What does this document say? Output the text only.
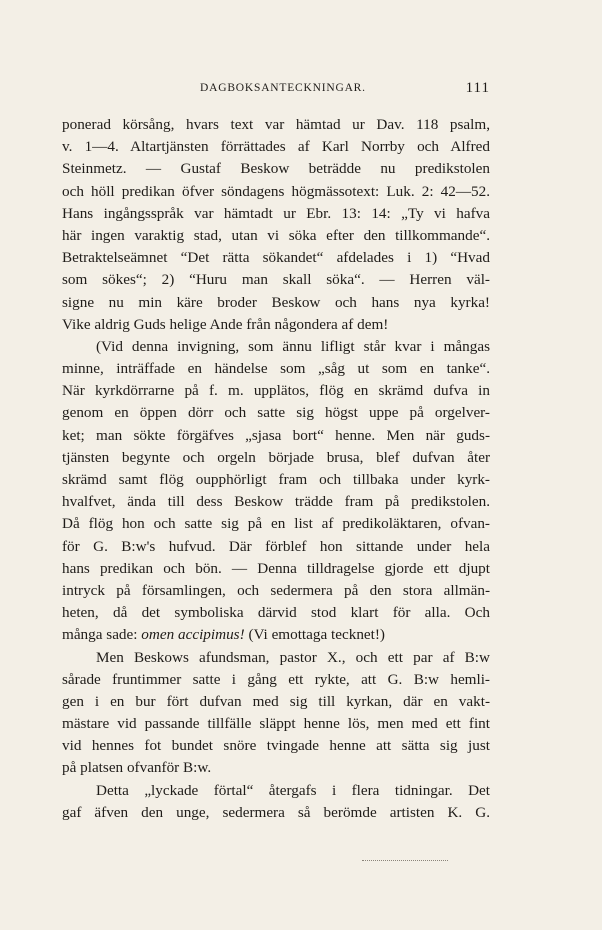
DAGBOKSANTECKNINGAR.	111
ponerad körsång, hvars text var hämtad ur Dav. 118 psalm,
v. 1—4. Altartjänsten förrättades af Karl Norrby och Alfred
Steinmetz. — Gustaf Beskow beträdde nu predikstolen
och höll predikan öfver söndagens högmässotext: Luk. 2: 42—52.
Hans ingångsspråk var hämtadt ur Ebr. 13: 14: „Ty vi hafva
här ingen varaktig stad, utan vi söka efter den tillkommande“.
Betraktelseämnet “Det rätta sökandet“ afdelades i 1) “Hvad
som sökes“; 2) “Huru man skall söka“. — Herren väl-
signe nu min käre broder Beskow och hans nya kyrka!
Vike aldrig Guds helige Ande från någondera af dem!
(Vid denna invigning, som ännu lifligt står kvar i mångas
minne, inträffade en händelse som „såg ut som en tanke“.
När kyrkdörrarne på f. m. upplätos, flög en skrämd dufva in
genom en öppen dörr och satte sig högst uppe på orgelver-
ket; man sökte förgäfves „sjasa bort“ henne. Men när guds-
tjänsten begynte och orgeln började brusa, blef dufvan åter
skrämd samt flög oupphörligt fram och tillbaka under kyrk-
hvalfvet, ända till dess Beskow trädde fram på predikstolen.
Då flög hon och satte sig på en list af predikoläktaren, ofvan-
för G. B:w's hufvud. Där förblef hon sittande under hela
hans predikan och bön. — Denna tilldragelse gjorde ett djupt
intryck på församlingen, och sedermera på den stora allmän-
heten, då det symboliska därvid stod klart för alla. Och
många sade: omen accipimus! (Vi emottaga tecknet!)
Men Beskows afundsman, pastor X., och ett par af B:w
sårade fruntimmer satte i gång ett rykte, att G. B:w hemli-
gen i en bur fört dufvan med sig till kyrkan, där en vakt-
mästare vid passande tillfälle släppt henne lös, men med ett fint
vid hennes fot bundet snöre tvingade henne att sätta sig just
på platsen ofvanför B:w.
Detta „lyckade förtal“ återgafs i flera tidningar. Det
gaf äfven den unge, sedermera så berömde artisten K. G.
